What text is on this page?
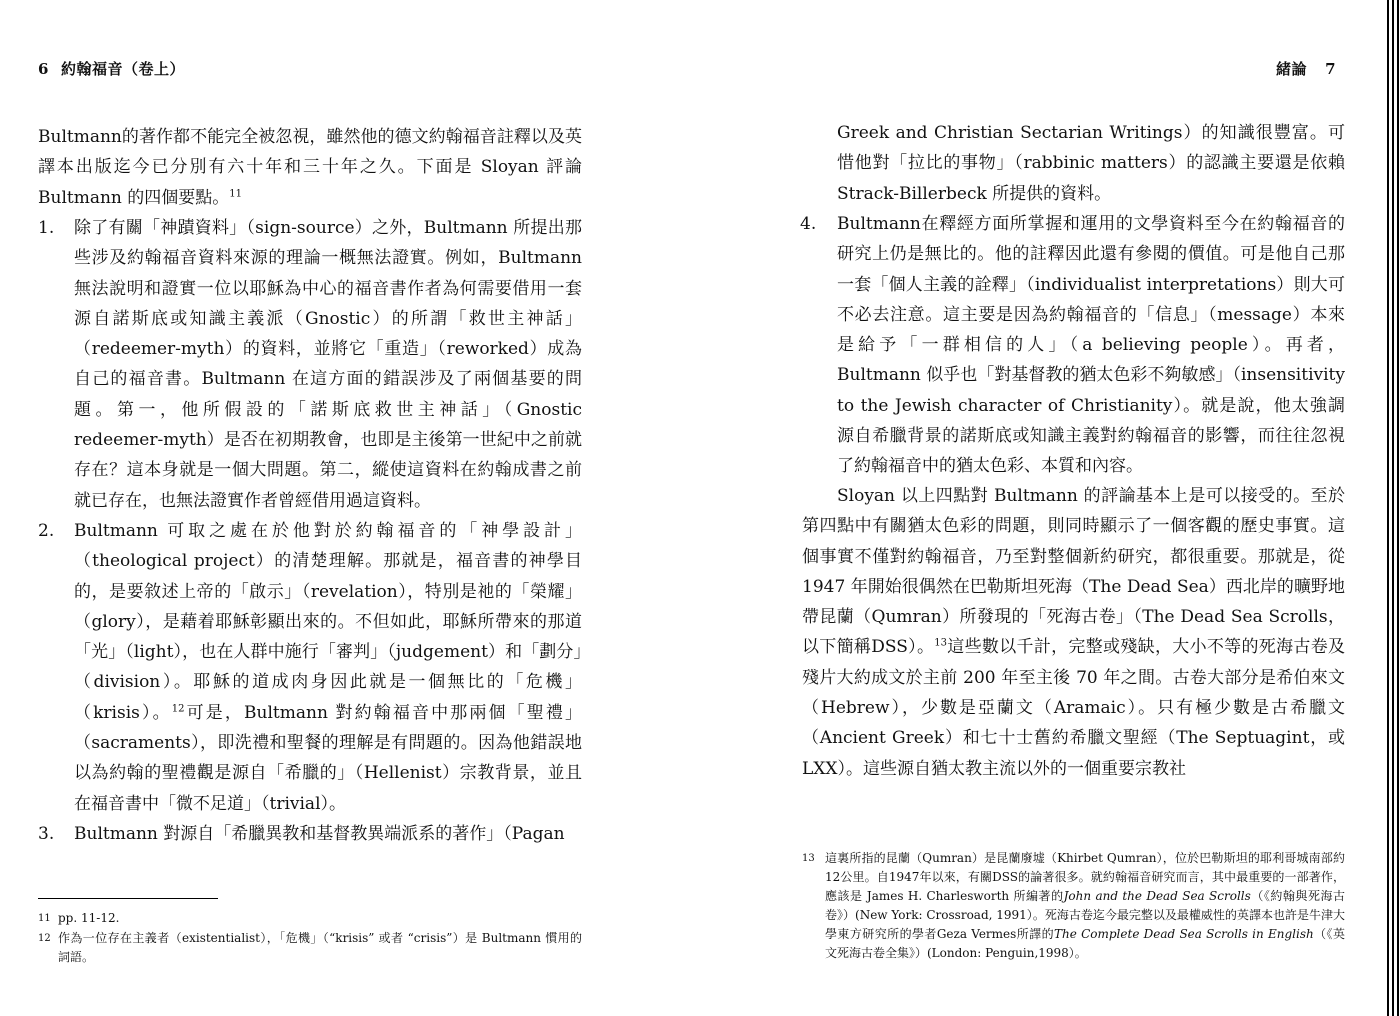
6 約翰福音（卷上）
Bultmann的著作都不能完全被忽視，雖然他的德文約翰福音註釋以及英譯本出版迄今已分別有六十年和三十年之久。下面是 Sloyan 評論 Bultmann 的四個要點。$^{11}$
1. 除了有關「神蹟資料」（sign-source）之外，Bultmann 所提出那些涉及約翰福音資料來源的理論一概無法證實。例如，Bultmann 無法說明和證實一位以耶穌為中心的福音書作者為何需要借用一套源自諾斯底或知識主義派（Gnostic）的所謂「救世主神話」（redeemer-myth）的資料，並將它「重造」（reworked）成為自己的福音書。Bultmann 在這方面的錯誤涉及了兩個基要的問題。第一，他所假設的「諾斯底救世主神話」（Gnostic redeemer-myth）是否在初期教會，也即是主後第一世紀中之前就存在？這本身就是一個大問題。第二，縱使這資料在約翰成書之前就已存在，也無法證實作者曾經借用過這資料。
2. Bultmann 可取之處在於他對於約翰福音的「神學設計」（theological project）的清楚理解。那就是，福音書的神學目的，是要敘述上帝的「啟示」（revelation），特別是祂的「榮耀」（glory），是藉着耶穌彰顯出來的。不但如此，耶穌所帶來的那道「光」（light），也在人群中施行「審判」（judgement）和「劃分」（division）。耶穌的道成肉身因此就是一個無比的「危機」（krisis）。$^{12}$可是，Bultmann 對約翰福音中那兩個「聖禮」（sacraments），即洗禮和聖餐的理解是有問題的。因為他錯誤地以為約翰的聖禮觀是源自「希臘的」（Hellenist）宗教背景，並且在福音書中「微不足道」（trivial）。
3. Bultmann 對源自「希臘異教和基督教異端派系的著作」（Pagan
11 pp. 11-12.
12 作為一位存在主義者（existentialist），「危機」（“krisis” 或者 “crisis”）是 Bultmann 慣用的詞語。
緒論 7
Greek and Christian Sectarian Writings）的知識很豐富。可惜他對「拉比的事物」（rabbinic matters）的認識主要還是依賴 Strack-Billerbeck 所提供的資料。
4. Bultmann在釋經方面所掌握和運用的文學資料至今在約翰福音的研究上仍是無比的。他的註釋因此還有參閱的價值。可是他自己那一套「個人主義的詮釋」（individualist interpretations）則大可不必去注意。這主要是因為約翰福音的「信息」（message）本來是給予「一群相信的人」（a believing people）。再者，Bultmann 似乎也「對基督教的猶太色彩不夠敏感」（insensitivity to the Jewish character of Christianity）。就是說，他太強調源自希臘背景的諾斯底或知識主義對約翰福音的影響，而往往忽視了約翰福音中的猶太色彩、本質和內容。
Sloyan 以上四點對 Bultmann 的評論基本上是可以接受的。至於第四點中有關猶太色彩的問題，則同時顯示了一個客觀的歷史事實。這個事實不僅對約翰福音，乃至對整個新約研究，都很重要。那就是，從 1947 年開始很偶然在巴勒斯坦死海（The Dead Sea）西北岸的曠野地帶昆蘭（Qumran）所發現的「死海古卷」（The Dead Sea Scrolls，以下簡稱DSS）。$^{13}$這些數以千計，完整或殘缺，大小不等的死海古卷及殘片大約成文於主前 200 年至主後 70 年之間。古卷大部分是希伯來文（Hebrew），少數是亞蘭文（Aramaic）。只有極少數是古希臘文（Ancient Greek）和七十士舊約希臘文聖經（The Septuagint，或LXX）。這些源自猶太教主流以外的一個重要宗教社
13 這裏所指的昆蘭（Qumran）是昆蘭廢墟（Khirbet Qumran），位於巴勒斯坦的耶利哥城南部約12公里。自1947年以來，有關DSS的論著很多。就約翰福音研究而言，其中最重要的一部著作，應該是 James H. Charlesworth 所編著的John and the Dead Sea Scrolls（《約翰與死海古卷》）(New York: Crossroad, 1991）。死海古卷迄今最完整以及最權威性的英譯本也許是牛津大學東方研究所的學者Geza Vermes所譯的The Complete Dead Sea Scrolls in English（《英文死海古卷全集》）(London: Penguin,1998）。
